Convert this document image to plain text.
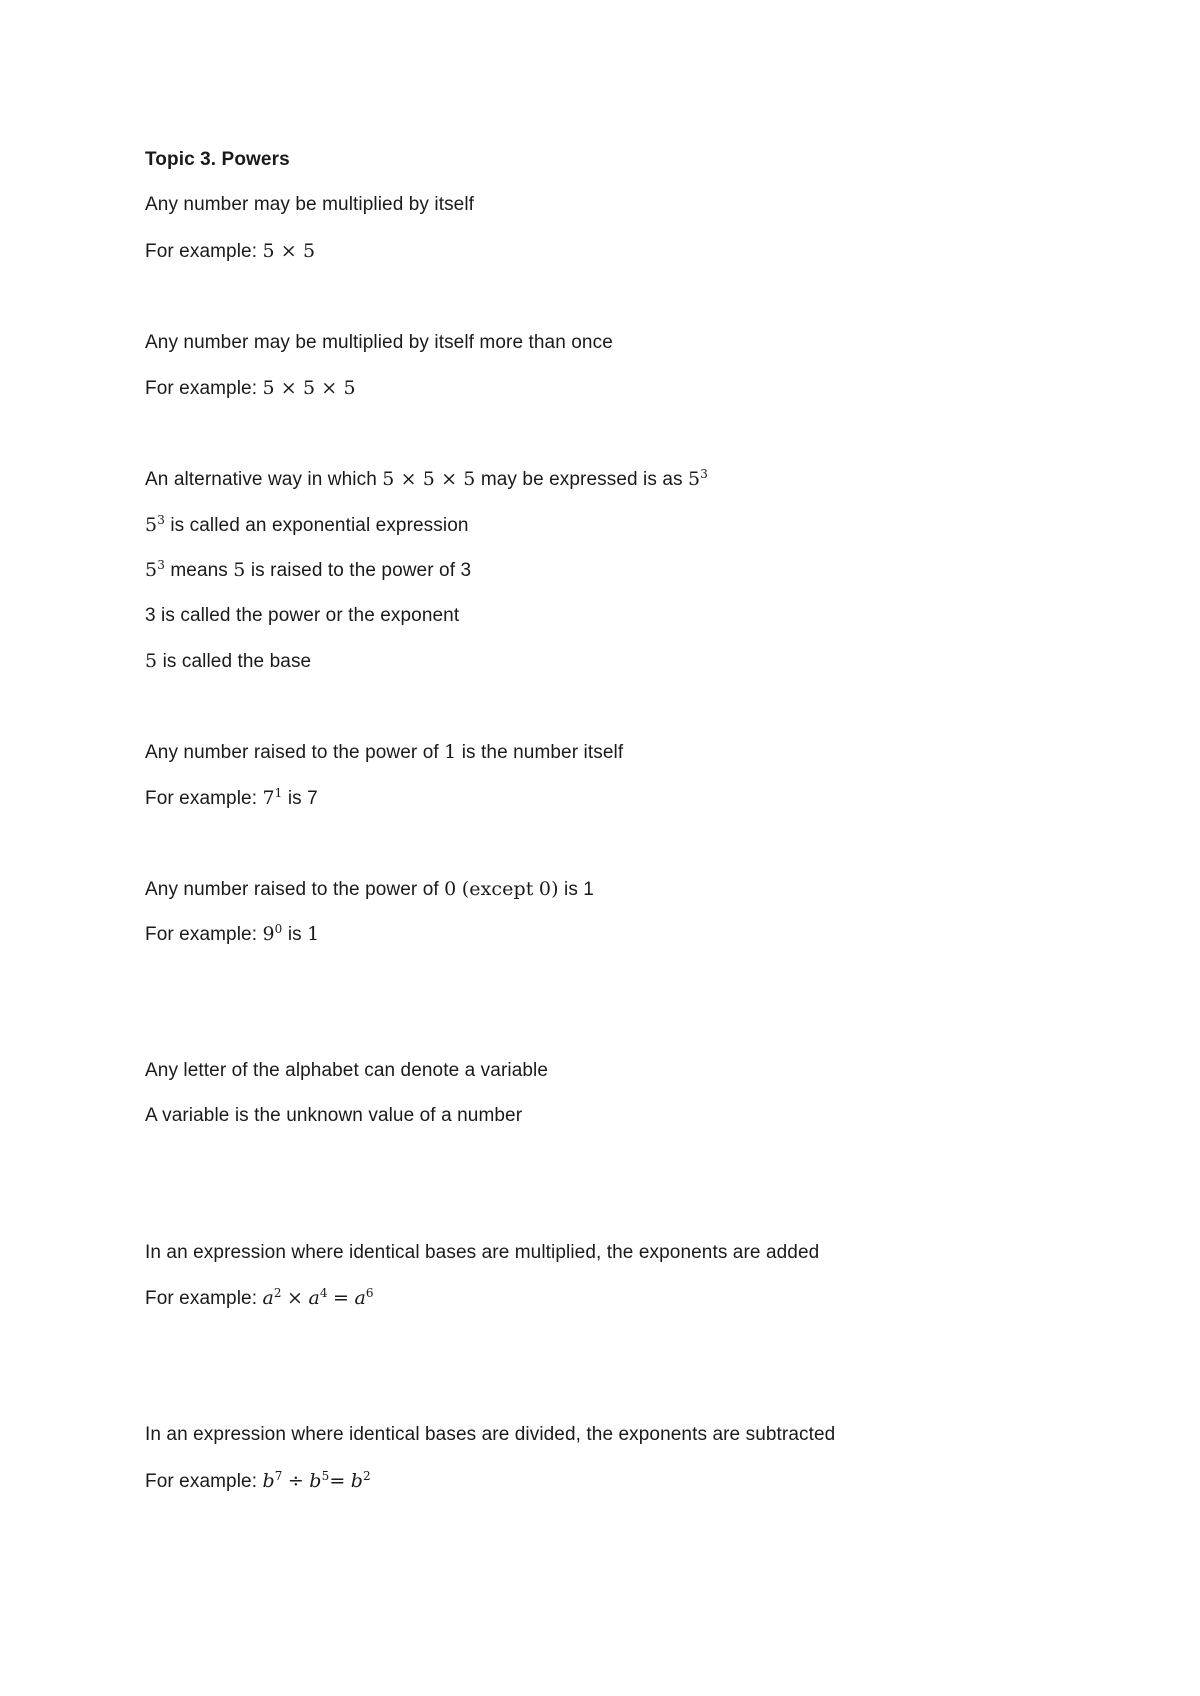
Topic 3. Powers
Any number may be multiplied by itself
For example: 5 × 5
Any number may be multiplied by itself more than once
For example: 5 × 5 × 5
An alternative way in which 5 × 5 × 5 may be expressed is as $5^3$
$5^3$ is called an exponential expression
$5^3$ means 5 is raised to the power of 3
3 is called the power or the exponent
5 is called the base
Any number raised to the power of 1 is the number itself
For example: $7^1$ is 7
Any number raised to the power of 0 (except 0) is 1
For example: $9^0$ is 1
Any letter of the alphabet can denote a variable
A variable is the unknown value of a number
In an expression where identical bases are multiplied, the exponents are added
For example: $a^2 \times a^4 = a^6$
In an expression where identical bases are divided, the exponents are subtracted
For example: $b^7 \div b^5= b^2$
